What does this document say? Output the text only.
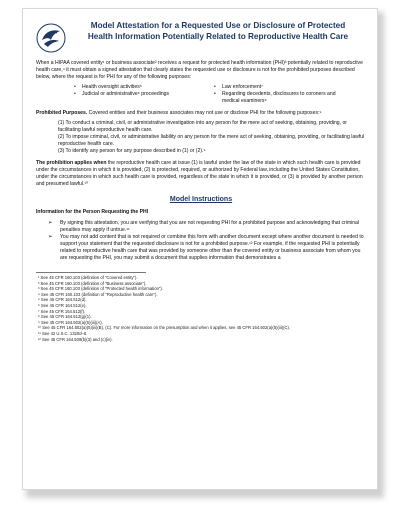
Model Attestation for a Requested Use or Disclosure of Protected
Health Information Potentially Related to Reproductive Health Care

When a HIPAA covered entity¹ or business associate² receives a request for protected health information (PHI)³ potentially related to reproductive health care,⁴ it must obtain a signed attestation that clearly states the requested use or disclosure is not for the prohibited purposes described below, where the request is for PHI for any of the following purposes:

•	Health oversight activities⁵
•	Judicial or administrative⁶ proceedings
•	Law enforcement⁷
•	Regarding decedents, disclosures to coroners and medical examiners⁸

Prohibited Purposes. Covered entities and their business associates may not use or disclose PHI for the following purposes:⁹

(1) To conduct a criminal, civil, or administrative investigation into any person for the mere act of seeking, obtaining, providing, or facilitating lawful reproductive health care.

(2) To impose criminal, civil, or administrative liability on any person for the mere act of seeking, obtaining, providing, or facilitating lawful reproductive health care.

(3) To identify any person for any purpose described in (1) or (2).⁹

The prohibition applies when the reproductive health care at issue (1) is lawful under the law of the state in which such health care is provided under the circumstances in which it is provided, (2) is protected, required, or authorized by Federal law, including the United States Constitution, under the circumstances in which such health care is provided, regardless of the state in which it is provided, or (3) is provided by another person and presumed lawful.¹⁰

Model Instructions

Information for the Person Requesting the PHI

➢	By signing this attestation, you are verifying that you are not requesting PHI for a prohibited purpose and acknowledging that criminal penalties may apply if untrue.¹¹

➢	You may not add content that is not required or combine this form with another document except where another document is needed to support your statement that the requested disclosure is not for a prohibited purpose.¹² For example, if the requested PHI is potentially related to reproductive health care that was provided by someone other than the covered entity or business associate from whom you are requesting the PHI, you may submit a document that supplies information that demonstrates a

¹ See 45 CFR 160.103 (definition of "Covered entity").
² See 45 CFR 160.103 (definition of "Business associate").
³ See 45 CFR 160.103 (definition of "Protected health information").
⁴ See 45 CFR 160.103 (definition of "Reproductive health care").
⁵ See 45 CFR 164.512(d).
⁶ See 45 CFR 164.512(e).
⁷ See 45 CFR 164.512(f).
⁸ See 45 CFR 164.512(g)(1).
⁹ See 45 CFR 164.502(a)(5)(iii)(A).
¹⁰ See 45 CFR 164.502(a)(5)(iii)(B), (C). For more information on the presumption and when it applies, see 45 CFR 164.502(a)(5)(iii)(C).
¹¹ See 42 U.S.C. 1320d–6.
¹² See 45 CFR 164.509(b)(3) and (c)(iv).
